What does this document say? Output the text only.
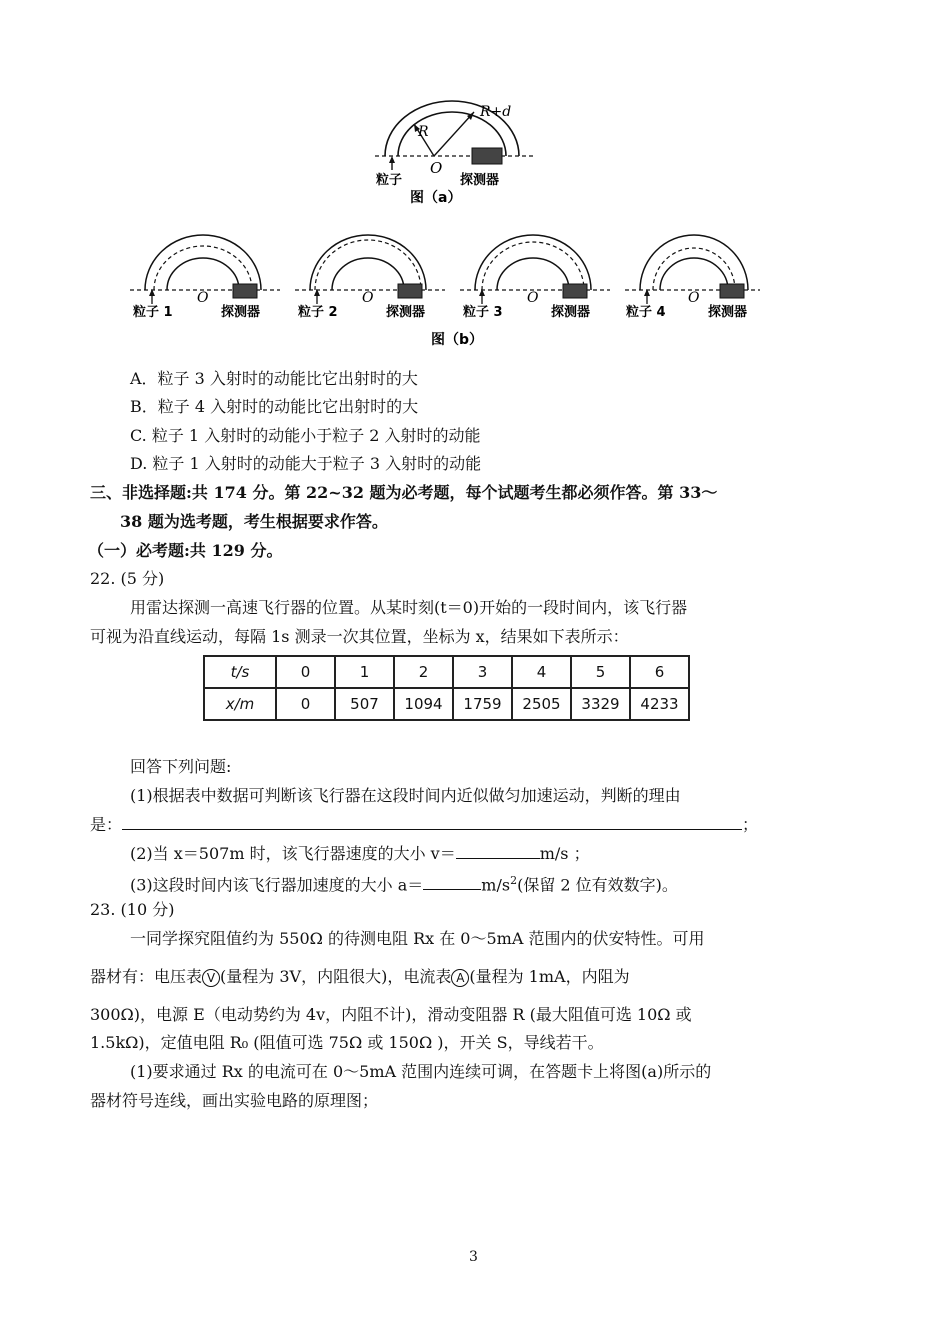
R
R+d
O
粒子	探测器
图（a）
O
粒子 1	探测器
O
粒子 2	探测器
O
粒子 3	探测器
O
粒子 4	探测器
图（b）
A．粒子 3 入射时的动能比它出射时的大
B．粒子 4 入射时的动能比它出射时的大
C. 粒子 1 入射时的动能小于粒子 2 入射时的动能
D. 粒子 1 入射时的动能大于粒子 3 入射时的动能
三、非选择题:共 174 分。第 22~32 题为必考题，每个试题考生都必须作答。第 33～
38 题为选考题，考生根据要求作答。
（一）必考题:共 129 分。
22. (5 分)
用雷达探测一高速飞行器的位置。从某时刻(t＝0)开始的一段时间内，该飞行器
可视为沿直线运动，每隔 1s 测录一次其位置，坐标为 x，结果如下表所示：
t/s	0	1	2	3	4	5	6
x/m	0	507	1094	1759	2505	3329	4233
回答下列问题:
(1)根据表中数据可判断该飞行器在这段时间内近似做匀加速运动，判断的理由
是：	；
(2)当 x＝507m 时，该飞行器速度的大小 v＝	m/s ；
(3)这段时间内该飞行器加速度的大小 a＝	$m/s^2$(保留 2 位有效数字)。
23. (10 分)
一同学探究阻值约为 550Ω 的待测电阻 Rx 在 0～5mA 范围内的伏安特性。可用
器材有：电压表 V (量程为 3V，内阻很大)，电流表 A (量程为 1mA，内阻为
300Ω)，电源 E（电动势约为 4v，内阻不计)，滑动变阻器 R (最大阻值可选 10Ω 或
1.5kΩ)，定值电阻 R₀ (阻值可选 75Ω 或 150Ω )，开关 S，导线若干。
(1)要求通过 Rx 的电流可在 0～5mA 范围内连续可调，在答题卡上将图(a)所示的
器材符号连线，画出实验电路的原理图；
3
